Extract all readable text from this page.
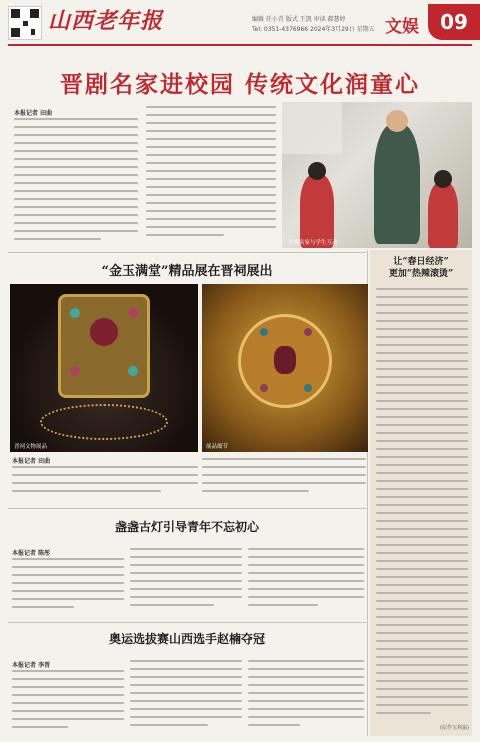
山西老年报	编辑 任小青 版式 王凯 审读 郝慧婷
Tel: 0351-4376966 2024年3月29日 星期五 文娱	09
晋剧名家进校园 传统文化润童心
本报记者 田曲
晋剧名家与学生互动
“金玉满堂”精品展在晋祠展出
晋祠文物展品	展品细节
本报记者 田曲
盏盏古灯引导青年不忘初心
本报记者 陈彤
奥运选拔赛山西选手赵楠夺冠
本报记者 李晋
让“春日经济”
更加“热辣滚烫”
(原作宝利霜)
